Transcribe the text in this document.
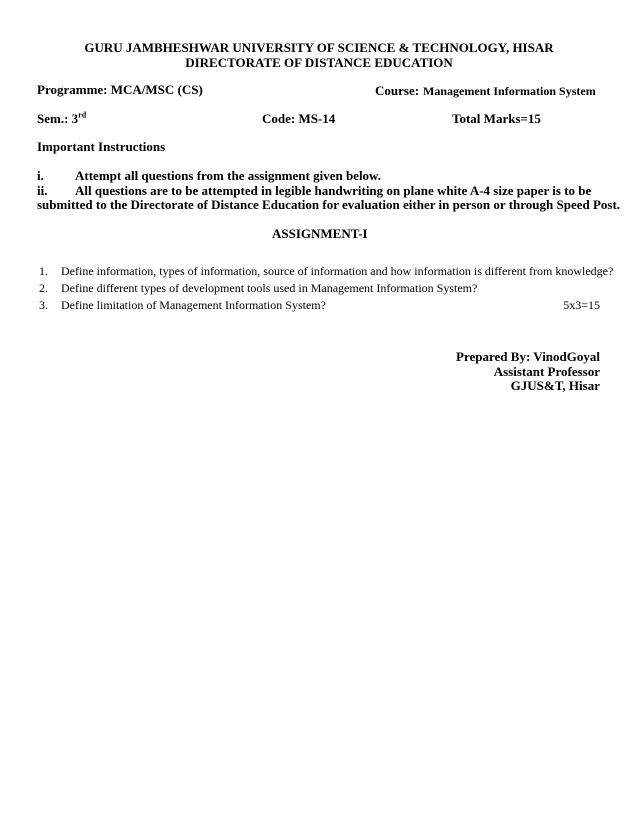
GURU JAMBHESHWAR UNIVERSITY OF SCIENCE & TECHNOLOGY, HISAR
DIRECTORATE OF DISTANCE EDUCATION
Programme: MCA/MSC (CS)	Course: Management Information System
Sem.: 3rd	Code: MS-14	Total Marks=15
Important Instructions
i. Attempt all questions from the assignment given below.
ii. All questions are to be attempted in legible handwriting on plane white A-4 size paper is to be
submitted to the Directorate of Distance Education for evaluation either in person or through Speed Post.
ASSIGNMENT-I
1. Define information, types of information, source of information and how information is different from knowledge?
2. Define different types of development tools used in Management Information System?
3. Define limitation of Management Information System?	5x3=15
Prepared By: VinodGoyal
Assistant Professor
GJUS&T, Hisar
